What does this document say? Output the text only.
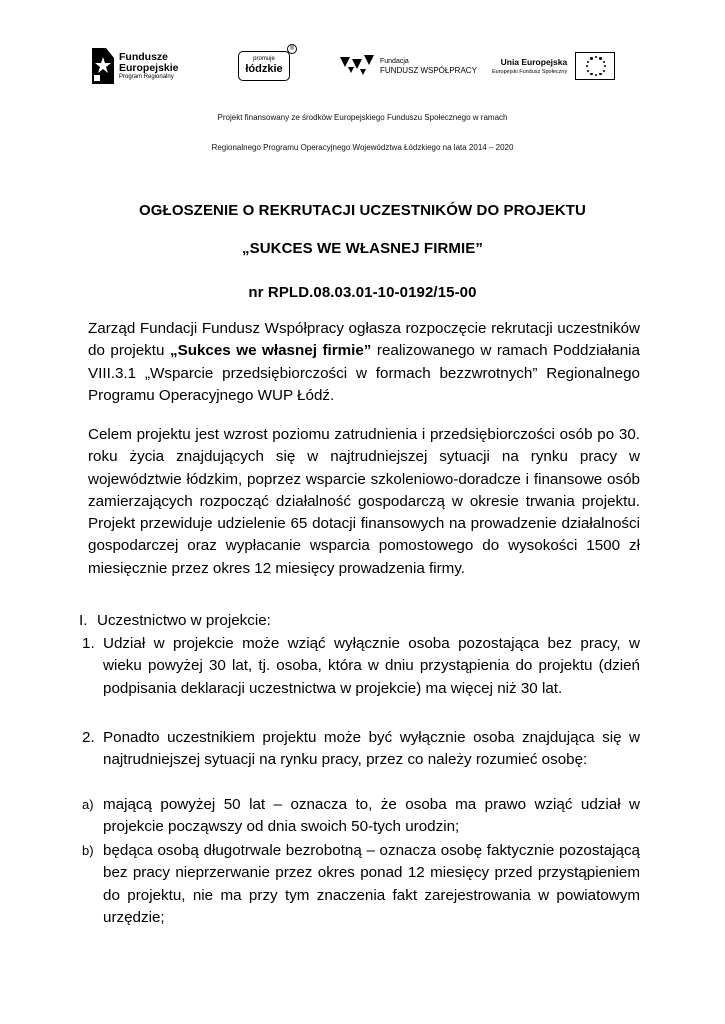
Fundusze
Europejskie
Program Regionalny
promuje
łódzkie
®
Fundacja
FUNDUSZ WSPÓŁPRACY
Unia Europejska
Europejski Fundusz Społeczny
Projekt finansowany ze środków Europejskiego Funduszu Społecznego w ramach
Regionalnego Programu Operacyjnego Województwa Łódzkiego na lata 2014 – 2020
OGŁOSZENIE O REKRUTACJI UCZESTNIKÓW DO PROJEKTU
„SUKCES WE WŁASNEJ FIRMIE”
nr RPLD.08.03.01-10-0192/15-00
Zarząd Fundacji Fundusz Współpracy ogłasza rozpoczęcie rekrutacji uczestników do projektu „Sukces we własnej firmie” realizowanego w ramach Poddziałania VIII.3.1 „Wsparcie przedsiębiorczości w formach bezzwrotnych” Regionalnego Programu Operacyjnego WUP Łódź.
Celem projektu jest wzrost poziomu zatrudnienia i przedsiębiorczości osób po 30. roku życia znajdujących się w najtrudniejszej sytuacji na rynku pracy w województwie łódzkim, poprzez wsparcie szkoleniowo-doradcze i finansowe osób zamierzających rozpocząć działalność gospodarczą w okresie trwania projektu. Projekt przewiduje udzielenie 65 dotacji finansowych na prowadzenie działalności gospodarczej oraz wypłacanie wsparcia pomostowego do wysokości 1500 zł miesięcznie przez okres 12 miesięcy prowadzenia firmy.
I. Uczestnictwo w projekcie:
1. Udział w projekcie może wziąć wyłącznie osoba pozostająca bez pracy, w wieku powyżej 30 lat, tj. osoba, która w dniu przystąpienia do projektu (dzień podpisania deklaracji uczestnictwa w projekcie) ma więcej niż 30 lat.
2. Ponadto uczestnikiem projektu może być wyłącznie osoba znajdująca się w najtrudniejszej sytuacji na rynku pracy, przez co należy rozumieć osobę:
a) mającą powyżej 50 lat – oznacza to, że osoba ma prawo wziąć udział w projekcie począwszy od dnia swoich 50-tych urodzin;
b) będąca osobą długotrwale bezrobotną – oznacza osobę faktycznie pozostającą bez pracy nieprzerwanie przez okres ponad 12 miesięcy przed przystąpieniem do projektu, nie ma przy tym znaczenia fakt zarejestrowania w powiatowym urzędzie;
